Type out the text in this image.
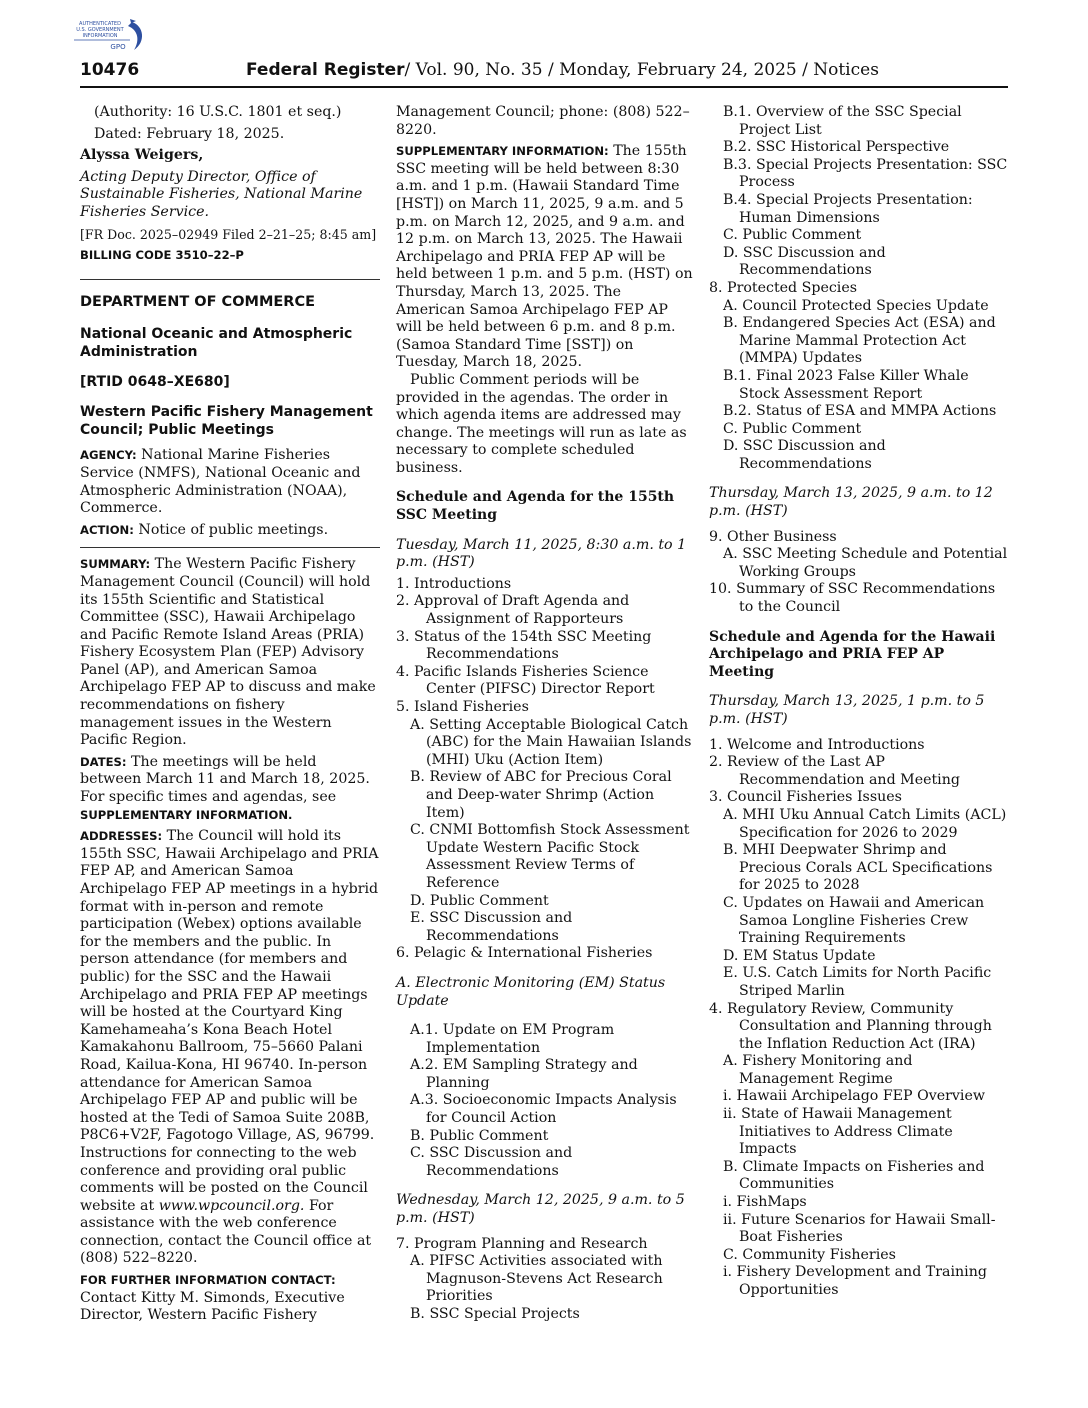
AUTHENTICATED
U.S. GOVERNMENT
INFORMATION
GPO
10476	Federal Register/ Vol. 90, No. 35 / Monday, February 24, 2025 / Notices

(Authority: 16 U.S.C. 1801 et seq.)

Dated: February 18, 2025.

Alyssa Weigers,

Acting Deputy Director, Office of Sustainable Fisheries, National Marine Fisheries Service.

[FR Doc. 2025–02949 Filed 2–21–25; 8:45 am]

BILLING CODE 3510–22–P

DEPARTMENT OF COMMERCE

National Oceanic and Atmospheric Administration

[RTID 0648–XE680]

Western Pacific Fishery Management Council; Public Meetings

AGENCY: National Marine Fisheries Service (NMFS), National Oceanic and Atmospheric Administration (NOAA), Commerce.

ACTION: Notice of public meetings.

SUMMARY: The Western Pacific Fishery Management Council (Council) will hold its 155th Scientific and Statistical Committee (SSC), Hawaii Archipelago and Pacific Remote Island Areas (PRIA) Fishery Ecosystem Plan (FEP) Advisory Panel (AP), and American Samoa Archipelago FEP AP to discuss and make recommendations on fishery management issues in the Western Pacific Region.

DATES: The meetings will be held between March 11 and March 18, 2025. For specific times and agendas, see SUPPLEMENTARY INFORMATION.

ADDRESSES: The Council will hold its 155th SSC, Hawaii Archipelago and PRIA FEP AP, and American Samoa Archipelago FEP AP meetings in a hybrid format with in-person and remote participation (Webex) options available for the members and the public. In person attendance (for members and public) for the SSC and the Hawaii Archipelago and PRIA FEP AP meetings will be hosted at the Courtyard King Kamehameaha’s Kona Beach Hotel Kamakahonu Ballroom, 75–5660 Palani Road, Kailua-Kona, HI 96740. In-person attendance for American Samoa Archipelago FEP AP and public will be hosted at the Tedi of Samoa Suite 208B, P8C6+V2F, Fagotogo Village, AS, 96799. Instructions for connecting to the web conference and providing oral public comments will be posted on the Council website at www.wpcouncil.org. For assistance with the web conference connection, contact the Council office at (808) 522–8220.

FOR FURTHER INFORMATION CONTACT:
Contact Kitty M. Simonds, Executive Director, Western Pacific Fishery

Management Council; phone: (808) 522–8220.

SUPPLEMENTARY INFORMATION: The 155th SSC meeting will be held between 8:30 a.m. and 1 p.m. (Hawaii Standard Time [HST]) on March 11, 2025, 9 a.m. and 5 p.m. on March 12, 2025, and 9 a.m. and 12 p.m. on March 13, 2025. The Hawaii Archipelago and PRIA FEP AP will be held between 1 p.m. and 5 p.m. (HST) on Thursday, March 13, 2025. The American Samoa Archipelago FEP AP will be held between 6 p.m. and 8 p.m. (Samoa Standard Time [SST]) on Tuesday, March 18, 2025.

Public Comment periods will be provided in the agendas. The order in which agenda items are addressed may change. The meetings will run as late as necessary to complete scheduled business.

Schedule and Agenda for the 155th SSC Meeting

Tuesday, March 11, 2025, 8:30 a.m. to 1 p.m. (HST)

1. Introductions

2. Approval of Draft Agenda and Assignment of Rapporteurs

3. Status of the 154th SSC Meeting Recommendations

4. Pacific Islands Fisheries Science Center (PIFSC) Director Report

5. Island Fisheries

A. Setting Acceptable Biological Catch (ABC) for the Main Hawaiian Islands (MHI) Uku (Action Item)

B. Review of ABC for Precious Coral and Deep-water Shrimp (Action Item)

C. CNMI Bottomfish Stock Assessment Update Western Pacific Stock Assessment Review Terms of Reference

D. Public Comment

E. SSC Discussion and Recommendations

6. Pelagic & International Fisheries

A. Electronic Monitoring (EM) Status Update

A.1. Update on EM Program Implementation

A.2. EM Sampling Strategy and Planning

A.3. Socioeconomic Impacts Analysis for Council Action

B. Public Comment

C. SSC Discussion and Recommendations

Wednesday, March 12, 2025, 9 a.m. to 5 p.m. (HST)

7. Program Planning and Research

A. PIFSC Activities associated with Magnuson-Stevens Act Research Priorities

B. SSC Special Projects

B.1. Overview of the SSC Special Project List

B.2. SSC Historical Perspective

B.3. Special Projects Presentation: SSC Process

B.4. Special Projects Presentation: Human Dimensions

C. Public Comment

D. SSC Discussion and Recommendations

8. Protected Species

A. Council Protected Species Update

B. Endangered Species Act (ESA) and Marine Mammal Protection Act (MMPA) Updates

B.1. Final 2023 False Killer Whale Stock Assessment Report

B.2. Status of ESA and MMPA Actions

C. Public Comment

D. SSC Discussion and Recommendations

Thursday, March 13, 2025, 9 a.m. to 12 p.m. (HST)

9. Other Business

A. SSC Meeting Schedule and Potential Working Groups

10. Summary of SSC Recommendations to the Council

Schedule and Agenda for the Hawaii Archipelago and PRIA FEP AP Meeting

Thursday, March 13, 2025, 1 p.m. to 5 p.m. (HST)

1. Welcome and Introductions

2. Review of the Last AP Recommendation and Meeting

3. Council Fisheries Issues

A. MHI Uku Annual Catch Limits (ACL) Specification for 2026 to 2029

B. MHI Deepwater Shrimp and Precious Corals ACL Specifications for 2025 to 2028

C. Updates on Hawaii and American Samoa Longline Fisheries Crew Training Requirements

D. EM Status Update

E. U.S. Catch Limits for North Pacific Striped Marlin

4. Regulatory Review, Community Consultation and Planning through the Inflation Reduction Act (IRA)

A. Fishery Monitoring and Management Regime

i. Hawaii Archipelago FEP Overview

ii. State of Hawaii Management Initiatives to Address Climate Impacts

B. Climate Impacts on Fisheries and Communities

i. FishMaps

ii. Future Scenarios for Hawaii Small-Boat Fisheries

C. Community Fisheries

i. Fishery Development and Training Opportunities
